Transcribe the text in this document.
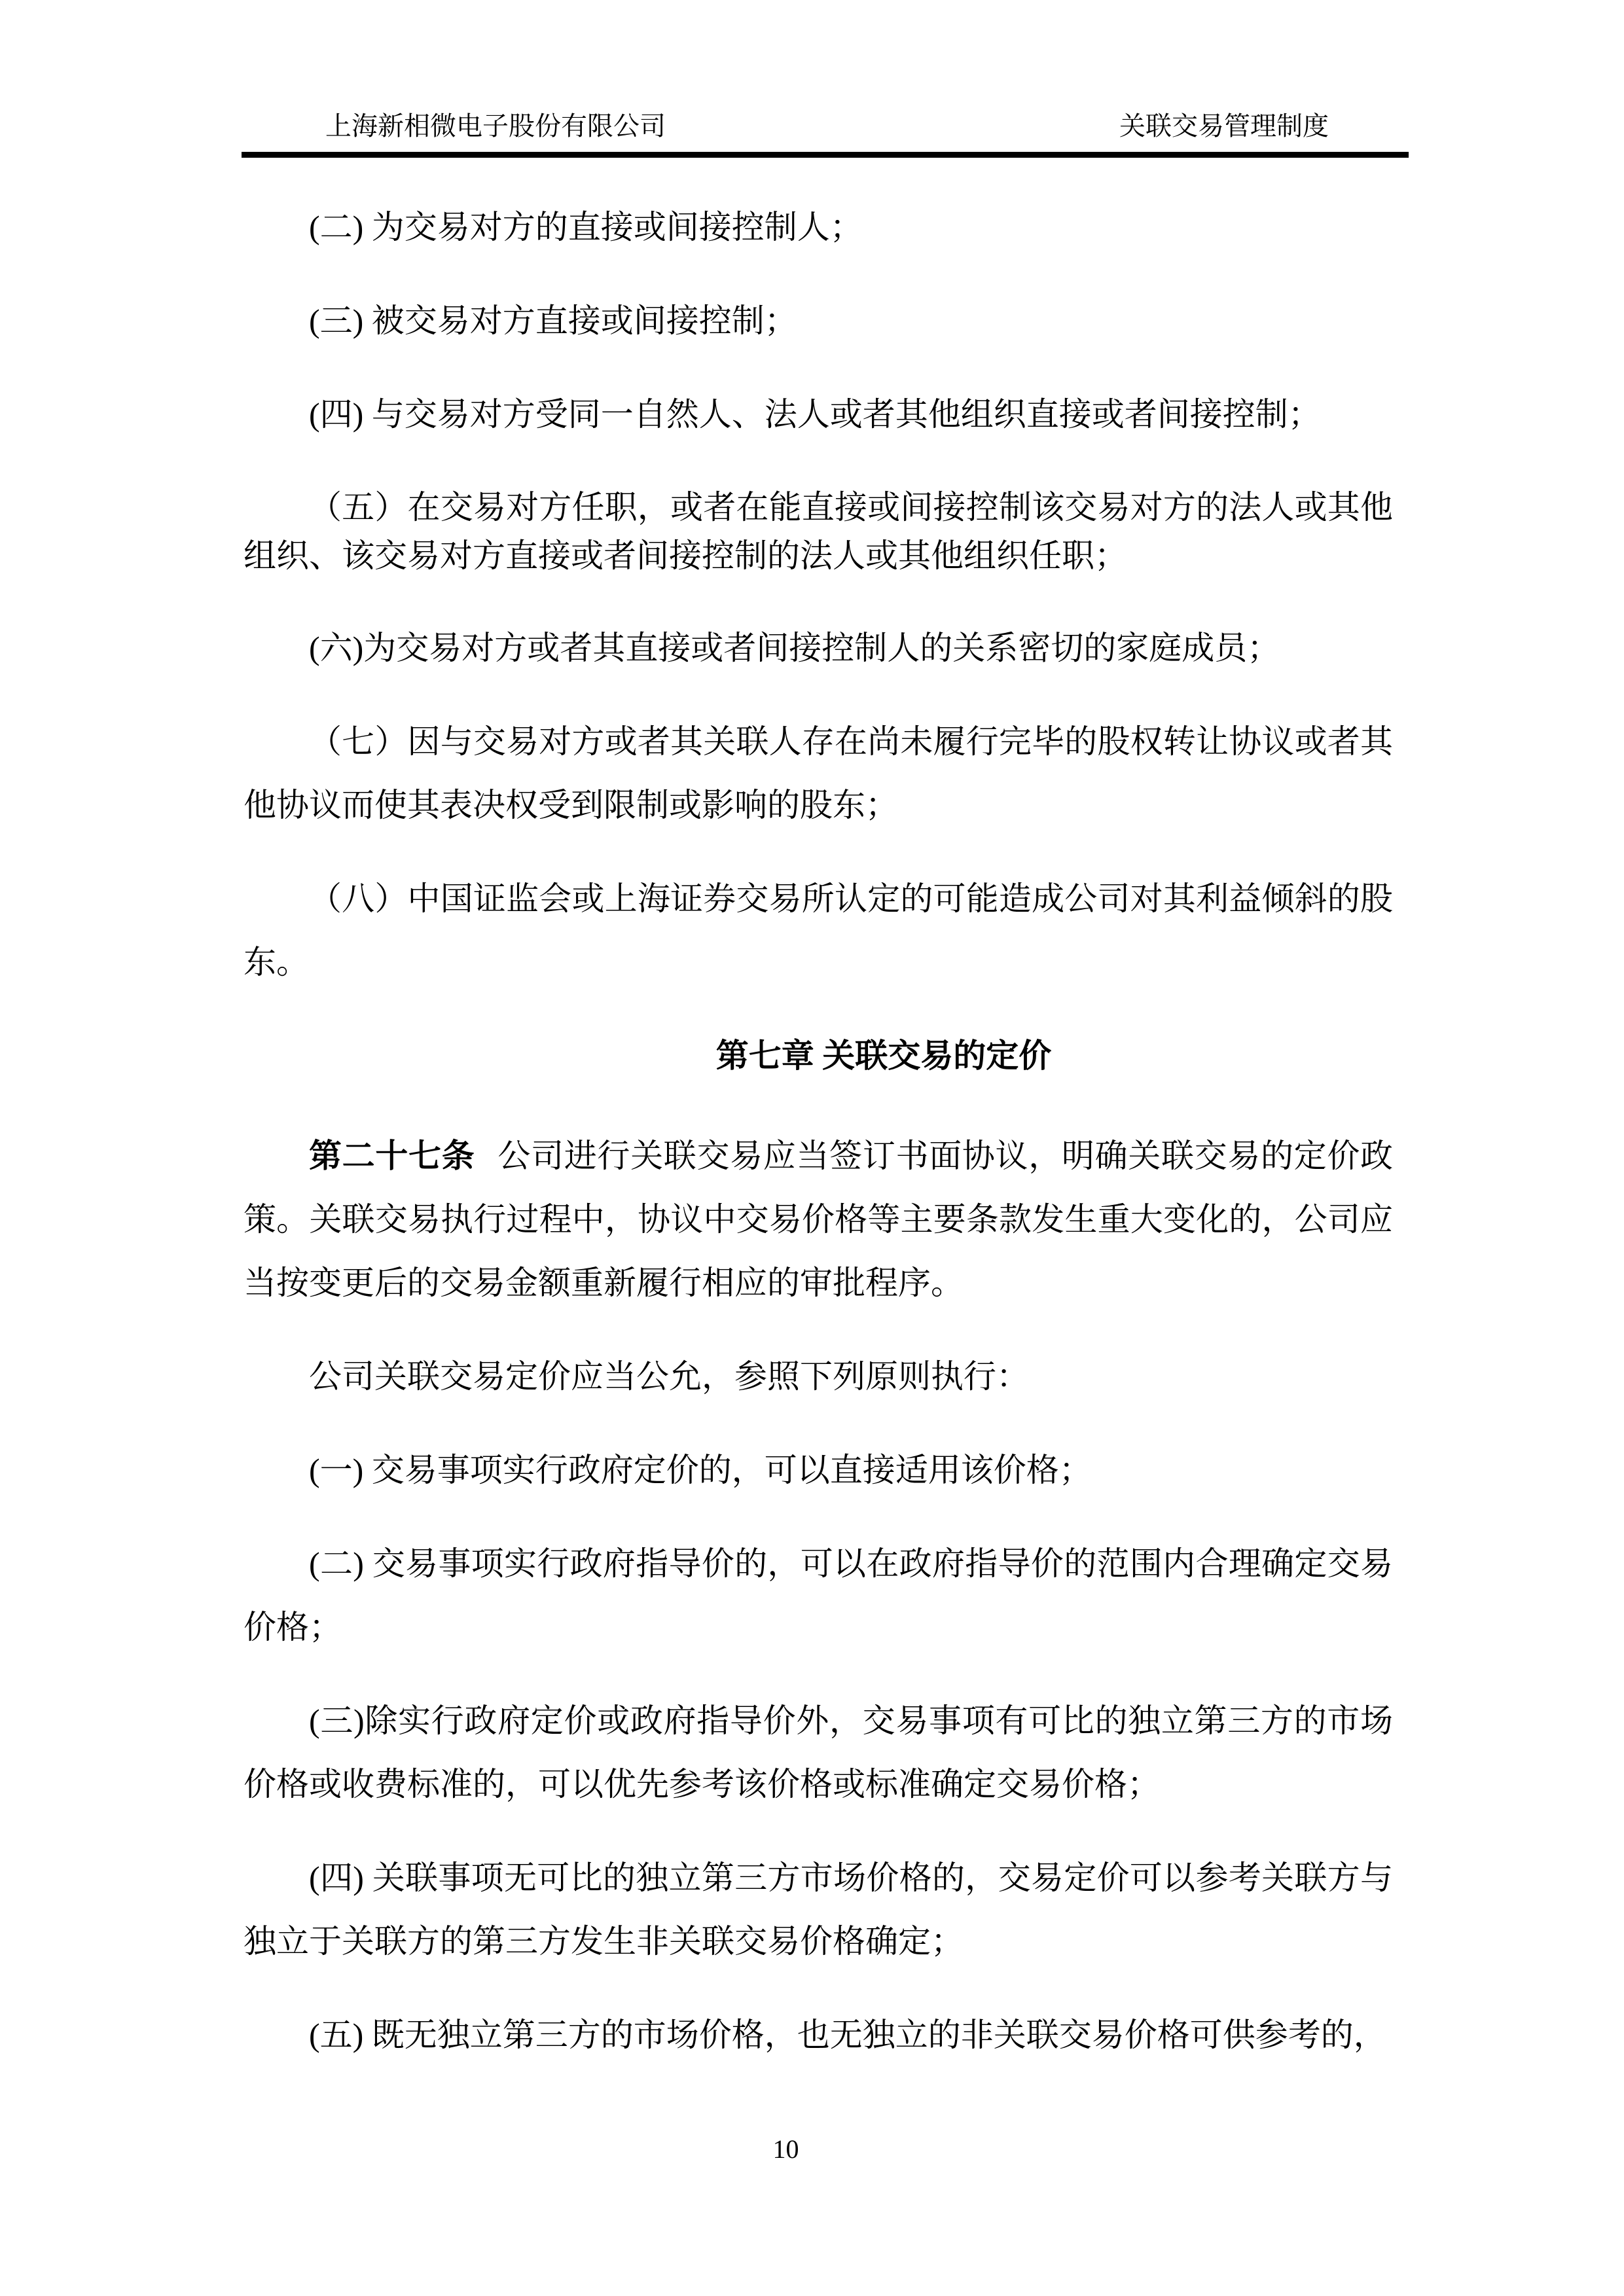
上海新相微电子股份有限公司	关联交易管理制度

(二) 为交易对方的直接或间接控制人；

(三) 被交易对方直接或间接控制；

(四) 与交易对方受同一自然人、法人或者其他组织直接或者间接控制；

（五）在交易对方任职，或者在能直接或间接控制该交易对方的法人或其他组织、该交易对方直接或者间接控制的法人或其他组织任职；

(六)为交易对方或者其直接或者间接控制人的关系密切的家庭成员；

（七）因与交易对方或者其关联人存在尚未履行完毕的股权转让协议或者其他协议而使其表决权受到限制或影响的股东；

（八）中国证监会或上海证券交易所认定的可能造成公司对其利益倾斜的股东。

第七章 关联交易的定价

第二十七条 公司进行关联交易应当签订书面协议，明确关联交易的定价政策。关联交易执行过程中，协议中交易价格等主要条款发生重大变化的，公司应当按变更后的交易金额重新履行相应的审批程序。

公司关联交易定价应当公允，参照下列原则执行：

(一) 交易事项实行政府定价的，可以直接适用该价格；

(二) 交易事项实行政府指导价的，可以在政府指导价的范围内合理确定交易价格；

(三)除实行政府定价或政府指导价外，交易事项有可比的独立第三方的市场价格或收费标准的，可以优先参考该价格或标准确定交易价格；

(四) 关联事项无可比的独立第三方市场价格的，交易定价可以参考关联方与独立于关联方的第三方发生非关联交易价格确定；

(五) 既无独立第三方的市场价格，也无独立的非关联交易价格可供参考的，

10
